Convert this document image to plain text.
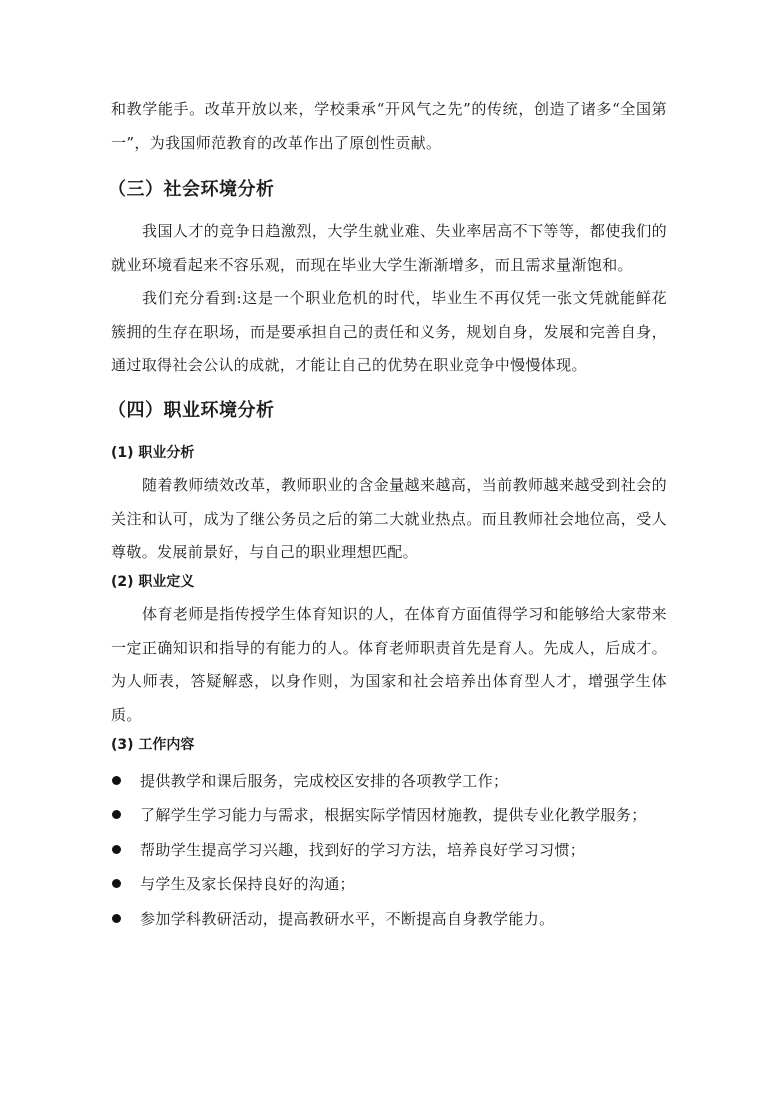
和教学能手。改革开放以来，学校秉承“开风气之先”的传统，创造了诸多“全国第一”，为我国师范教育的改革作出了原创性贡献。

（三）社会环境分析

我国人才的竞争日趋激烈，大学生就业难、失业率居高不下等等，都使我们的就业环境看起来不容乐观，而现在毕业大学生渐渐增多，而且需求量渐饱和。

我们充分看到:这是一个职业危机的时代，毕业生不再仅凭一张文凭就能鲜花簇拥的生存在职场，而是要承担自己的责任和义务，规划自身，发展和完善自身，通过取得社会公认的成就，才能让自己的优势在职业竞争中慢慢体现。

（四）职业环境分析
(1) 职业分析

随着教师绩效改革，教师职业的含金量越来越高，当前教师越来越受到社会的关注和认可，成为了继公务员之后的第二大就业热点。而且教师社会地位高，受人尊敬。发展前景好，与自己的职业理想匹配。

(2) 职业定义

体育老师是指传授学生体育知识的人，在体育方面值得学习和能够给大家带来一定正确知识和指导的有能力的人。体育老师职责首先是育人。先成人，后成才。为人师表，答疑解惑，以身作则，为国家和社会培养出体育型人才，增强学生体质。

(3) 工作内容
提供教学和课后服务，完成校区安排的各项教学工作；
了解学生学习能力与需求，根据实际学情因材施教，提供专业化教学服务；
帮助学生提高学习兴趣，找到好的学习方法，培养良好学习习惯；
与学生及家长保持良好的沟通；
参加学科教研活动，提高教研水平，不断提高自身教学能力。
